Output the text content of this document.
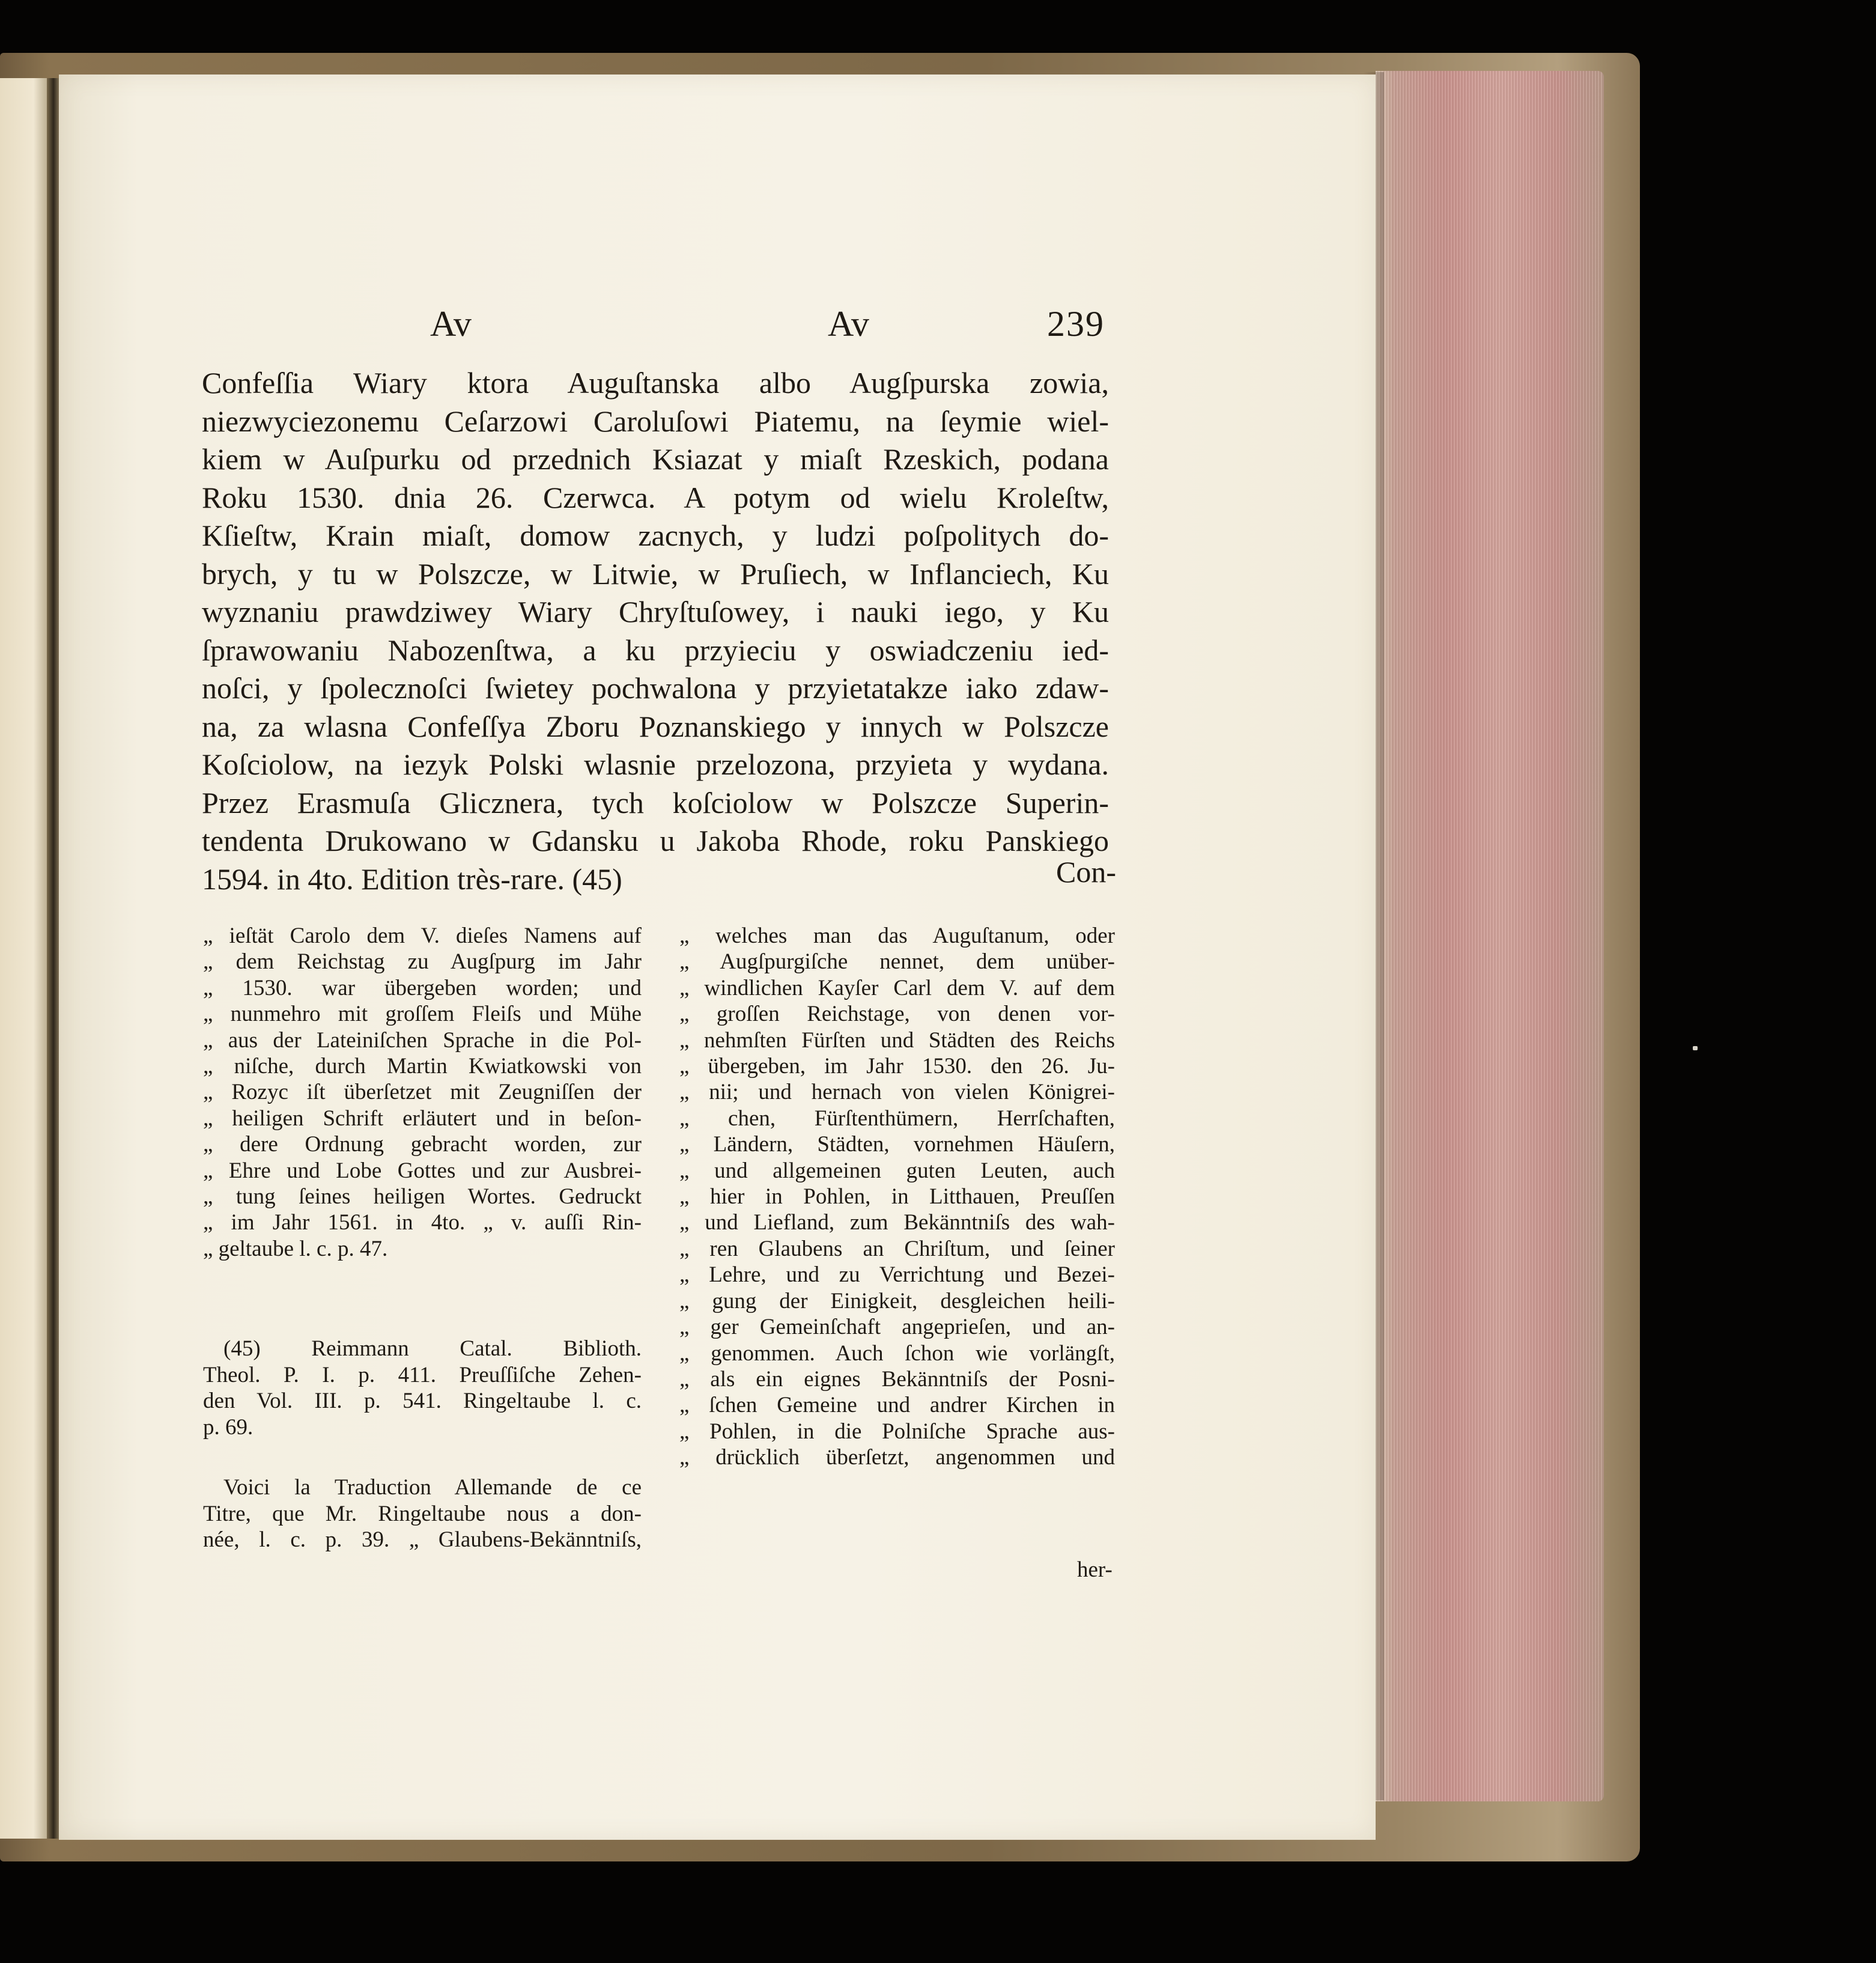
Av	Av	239
Confeſſia Wiary ktora Auguſtanska albo Augſpurska zowia,
niezwyciezonemu Ceſarzowi Caroluſowi Piatemu, na ſeymie wiel-
kiem w Auſpurku od przednich Ksiazat y miaſt Rzeskich, podana
Roku 1530. dnia 26. Czerwca. A potym od wielu Kroleſtw,
Kſieſtw, Krain miaſt, domow zacnych, y ludzi poſpolitych do-
brych, y tu w Polszcze, w Litwie, w Pruſiech, w Inflanciech, Ku
wyznaniu prawdziwey Wiary Chryſtuſowey, i nauki iego, y Ku
ſprawowaniu Nabozenſtwa, a ku przyieciu y oswiadczeniu ied-
noſci, y ſpolecznoſci ſwietey pochwalona y przyietatakze iako zdaw-
na, za wlasna Confeſſya Zboru Poznanskiego y innych w Polszcze
Koſciolow, na iezyk Polski wlasnie przelozona, przyieta y wydana.
Przez Erasmuſa Glicznera, tych koſciolow w Polszcze Superin-
tendenta Drukowano w Gdansku u Jakoba Rhode, roku Panskiego
1594. in 4to. Edition très-rare. (45)	Con-
„ ieſtät Carolo dem V. dieſes Namens auf
„ dem Reichstag zu Augſpurg im Jahr
„ 1530. war übergeben worden; und
„ nunmehro mit groſſem Fleiſs und Mühe
„ aus der Lateiniſchen Sprache in die Pol-
„ niſche, durch Martin Kwiatkowski von
„ Rozyc iſt überſetzet mit Zeugniſſen der
„ heiligen Schrift erläutert und in beſon-
„ dere Ordnung gebracht worden, zur
„ Ehre und Lobe Gottes und zur Ausbrei-
„ tung ſeines heiligen Wortes. Gedruckt
„ im Jahr 1561. in 4to. „ v. auſſi Rin-
„ geltaube l. c. p. 47.
(45) Reimmann Catal. Biblioth.
Theol. P. I. p. 411. Preuſſiſche Zehen-
den Vol. III. p. 541. Ringeltaube l. c.
p. 69.
Voici la Traduction Allemande de ce
Titre, que Mr. Ringeltaube nous a don-
née, l. c. p. 39. „ Glaubens-Bekänntniſs,
„ welches man das Auguſtanum, oder
„ Augſpurgiſche nennet, dem unüber-
„ windlichen Kayſer Carl dem V. auf dem
„ groſſen Reichstage, von denen vor-
„ nehmſten Fürſten und Städten des Reichs
„ übergeben, im Jahr 1530. den 26. Ju-
„ nii; und hernach von vielen Königrei-
„ chen, Fürſtenthümern, Herrſchaften,
„ Ländern, Städten, vornehmen Häuſern,
„ und allgemeinen guten Leuten, auch
„ hier in Pohlen, in Litthauen, Preuſſen
„ und Liefland, zum Bekänntniſs des wah-
„ ren Glaubens an Chriſtum, und ſeiner
„ Lehre, und zu Verrichtung und Bezei-
„ gung der Einigkeit, desgleichen heili-
„ ger Gemeinſchaft angeprieſen, und an-
„ genommen. Auch ſchon wie vorlängſt,
„ als ein eignes Bekänntniſs der Posni-
„ ſchen Gemeine und andrer Kirchen in
„ Pohlen, in die Polniſche Sprache aus-
„ drücklich überſetzt, angenommen und
her-
